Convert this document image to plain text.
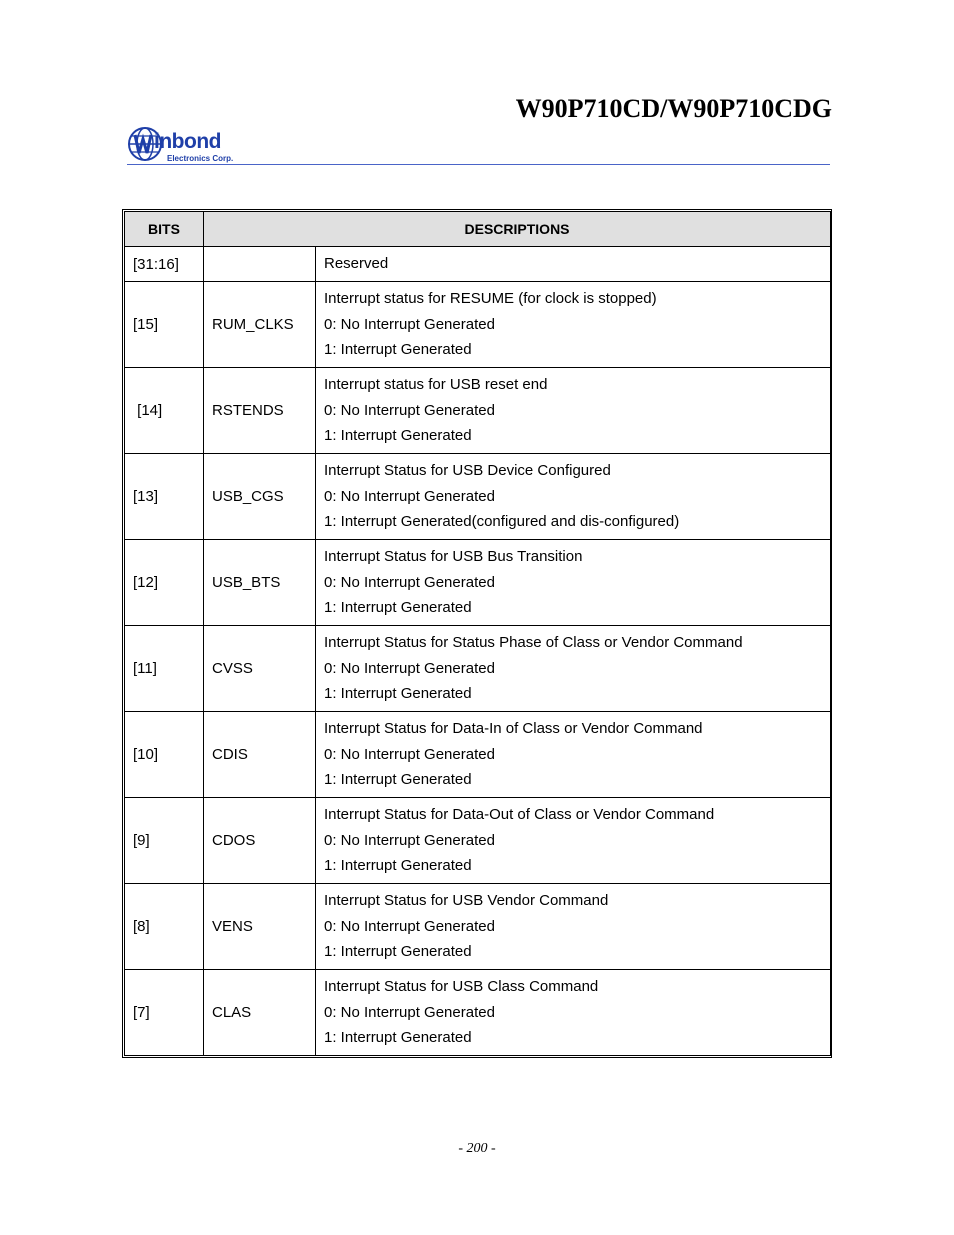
W90P710CD/W90P710CDG
inbond
Electronics Corp.
BITS	DESCRIPTIONS	
[31:16]		Reserved

[15]	RUM_CLKS	Interrupt status for RESUME (for clock is stopped)
0: No Interrupt Generated
1: Interrupt Generated

[14]	RSTENDS	Interrupt status for USB reset end
0: No Interrupt Generated
1: Interrupt Generated

[13]	USB_CGS	Interrupt Status for USB Device Configured
0: No Interrupt Generated
1: Interrupt Generated(configured and dis-configured)

[12]	USB_BTS	Interrupt Status for USB Bus Transition
0: No Interrupt Generated
1: Interrupt Generated

[11]	CVSS	Interrupt Status for Status Phase of Class or Vendor Command
0: No Interrupt Generated
1: Interrupt Generated

[10]	CDIS	Interrupt Status for Data-In of Class or Vendor Command
0: No Interrupt Generated
1: Interrupt Generated

[9]	CDOS	Interrupt Status for Data-Out of Class or Vendor Command
0: No Interrupt Generated
1: Interrupt Generated

[8]	VENS	Interrupt Status for USB Vendor Command
0: No Interrupt Generated
1: Interrupt Generated

[7]	CLAS	Interrupt Status for USB Class Command
0: No Interrupt Generated
1: Interrupt Generated
- 200 -
